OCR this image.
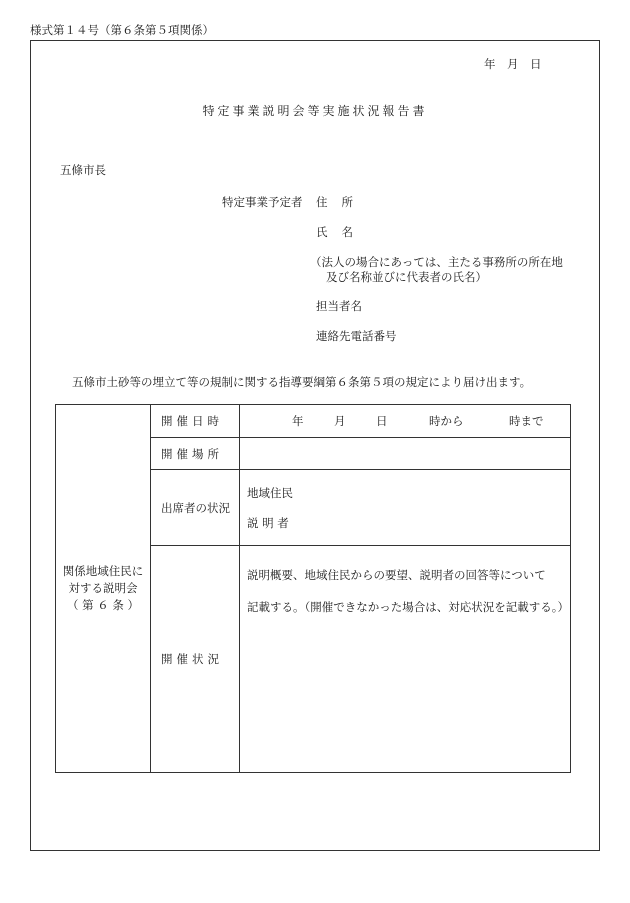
様式第１４号（第６条第５項関係）
年　月　日
特定事業説明会等実施状況報告書
五條市長
特定事業予定者 住所
氏名
（法人の場合にあっては、主たる事務所の所在地
及び名称並びに代表者の氏名）
担当者名
連絡先電話番号
五條市土砂等の埋立て等の規制に関する指導要綱第６条第５項の規定により届け出ます。
関係地域住民に
対する説明会
（ 第 ６ 条 ）	開催日時	年 月 日 時から 時まで
	開催場所	
	出席者の状況	地域住民
説 明 者

	開催状況	説明概要、地域住民からの要望、説明者の回答等について
記載する。（開催できなかった場合は、対応状況を記載する。）
